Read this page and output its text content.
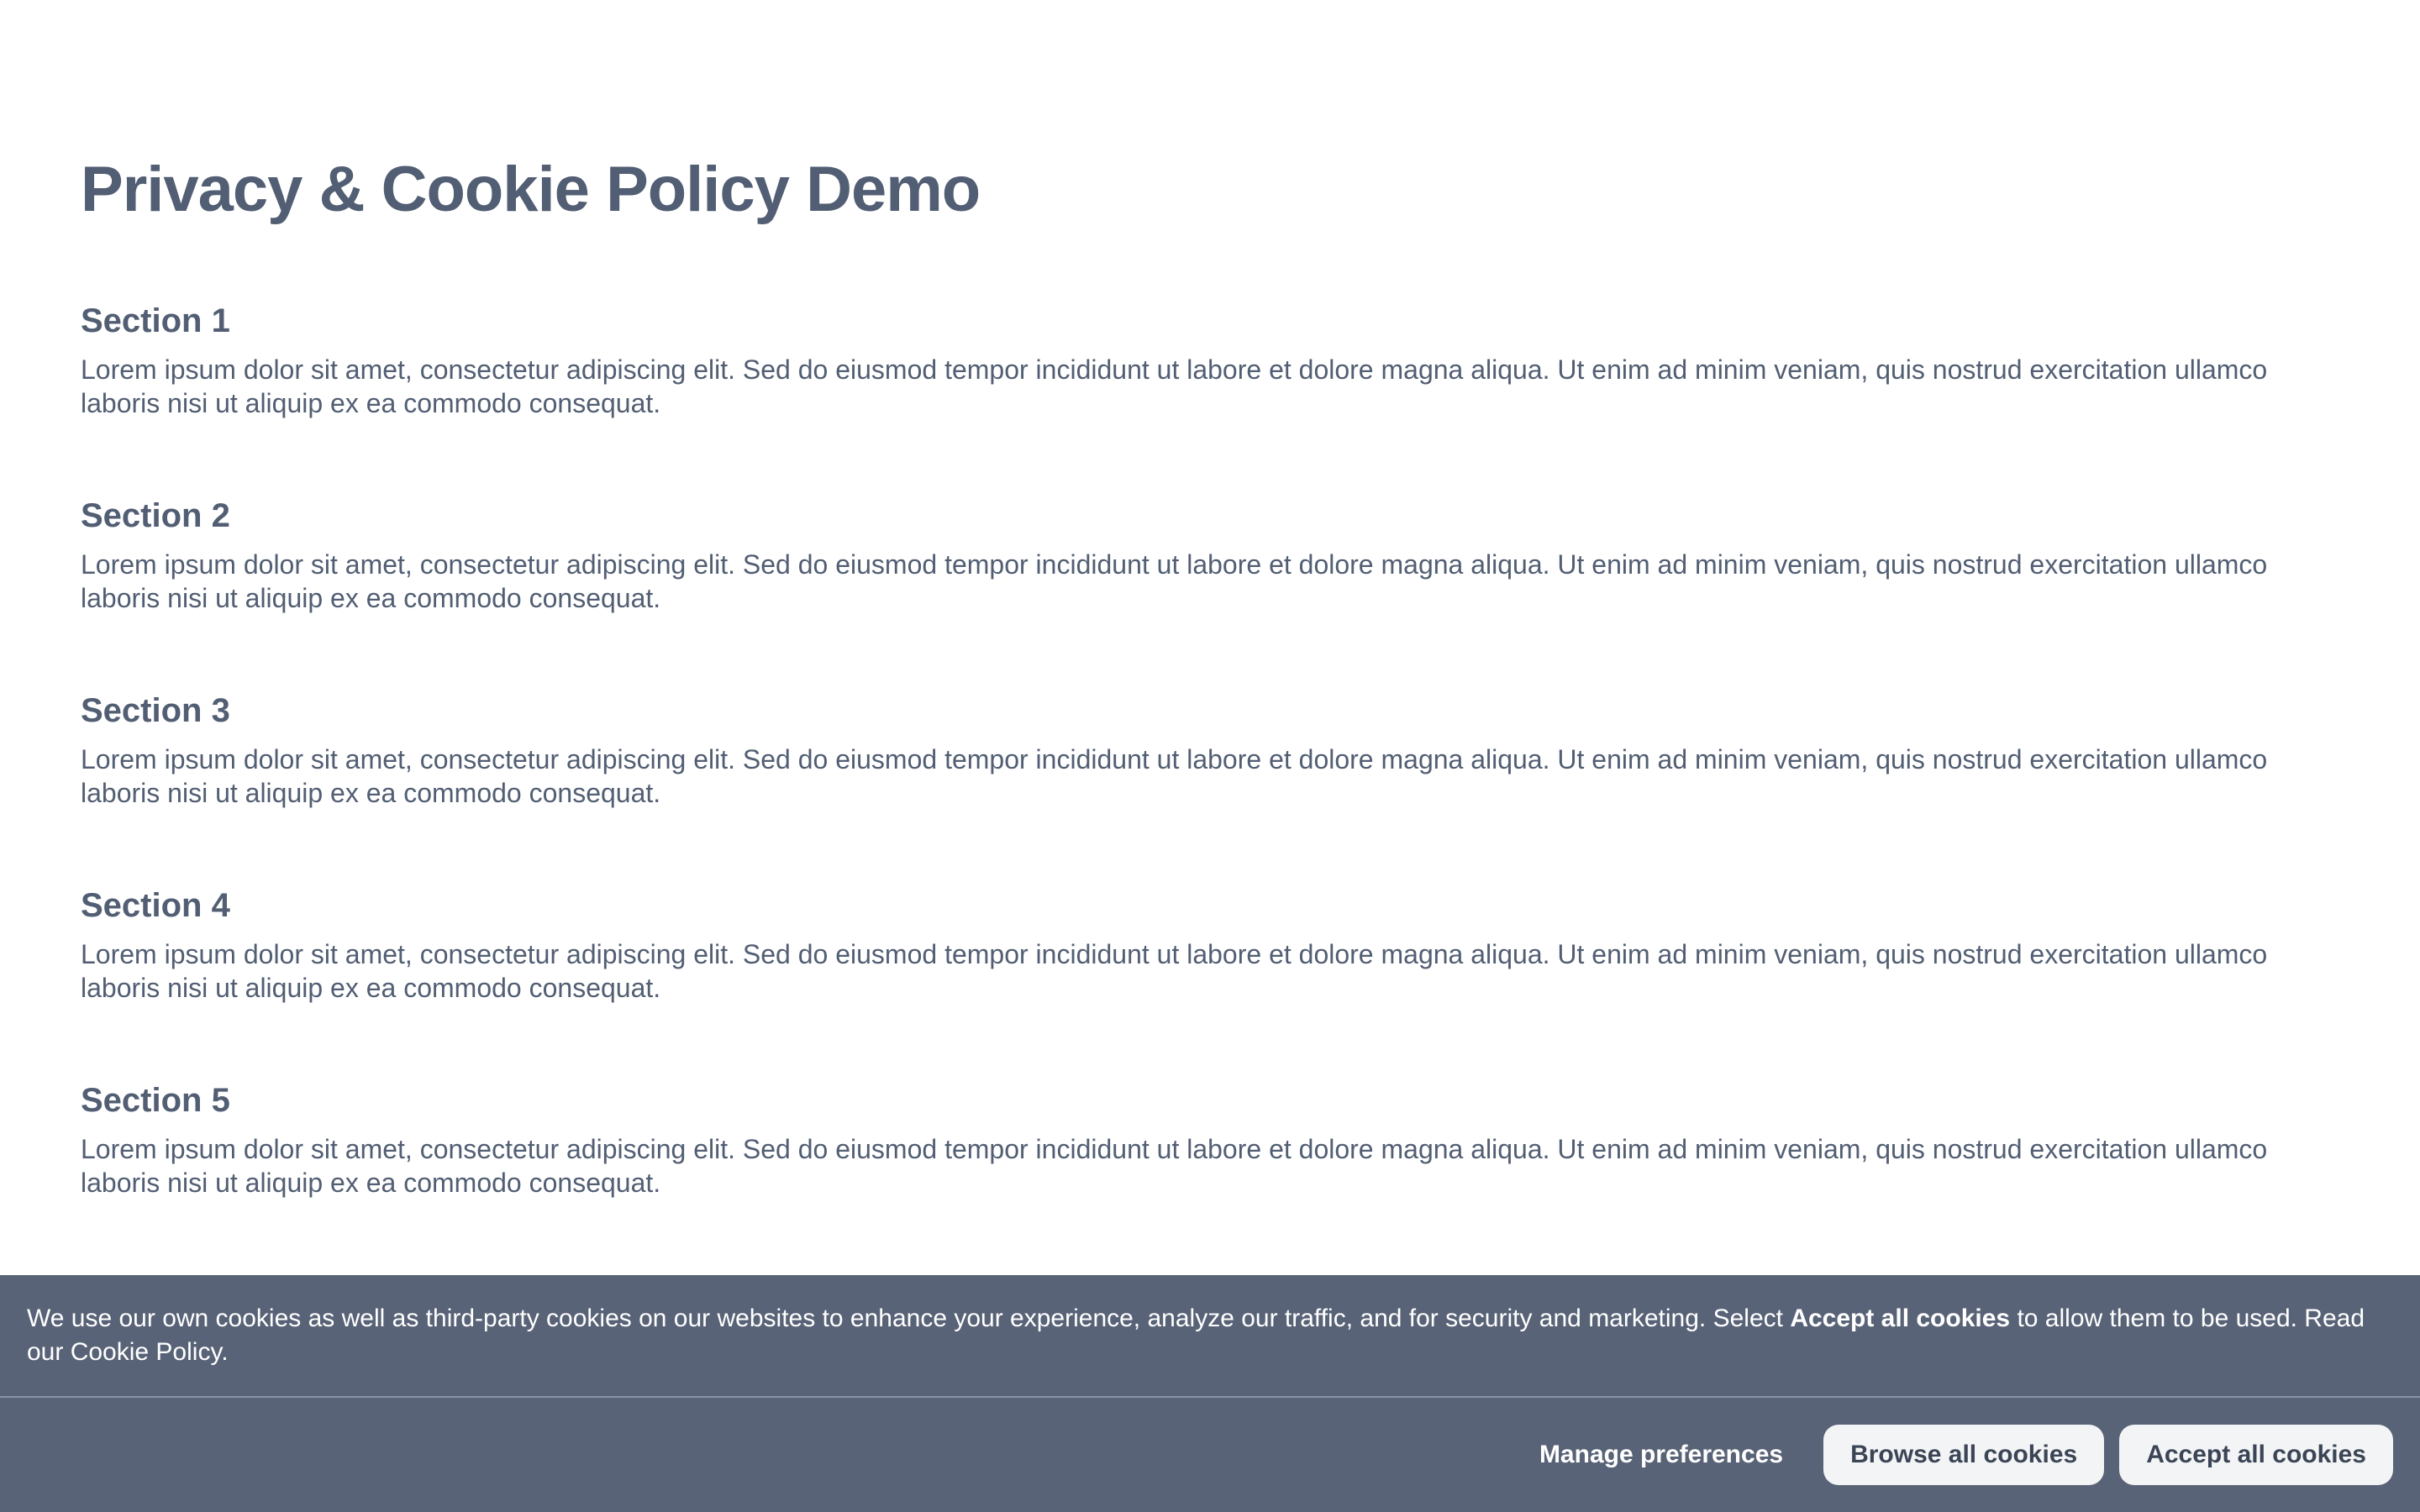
Privacy & Cookie Policy Demo
Section 1

Lorem ipsum dolor sit amet, consectetur adipiscing elit. Sed do eiusmod tempor incididunt ut labore et dolore magna aliqua. Ut enim ad minim veniam, quis nostrud exercitation ullamco laboris nisi ut aliquip ex ea commodo consequat.

Section 2

Lorem ipsum dolor sit amet, consectetur adipiscing elit. Sed do eiusmod tempor incididunt ut labore et dolore magna aliqua. Ut enim ad minim veniam, quis nostrud exercitation ullamco laboris nisi ut aliquip ex ea commodo consequat.

Section 3

Lorem ipsum dolor sit amet, consectetur adipiscing elit. Sed do eiusmod tempor incididunt ut labore et dolore magna aliqua. Ut enim ad minim veniam, quis nostrud exercitation ullamco laboris nisi ut aliquip ex ea commodo consequat.

Section 4

Lorem ipsum dolor sit amet, consectetur adipiscing elit. Sed do eiusmod tempor incididunt ut labore et dolore magna aliqua. Ut enim ad minim veniam, quis nostrud exercitation ullamco laboris nisi ut aliquip ex ea commodo consequat.

Section 5

Lorem ipsum dolor sit amet, consectetur adipiscing elit. Sed do eiusmod tempor incididunt ut labore et dolore magna aliqua. Ut enim ad minim veniam, quis nostrud exercitation ullamco laboris nisi ut aliquip ex ea commodo consequat.

We use our own cookies as well as third-party cookies on our websites to enhance your experience, analyze our traffic, and for security and marketing. Select Accept all cookies to allow them to be used. Read our Cookie Policy.

Manage preferences	Browse all cookies	Accept all cookies
